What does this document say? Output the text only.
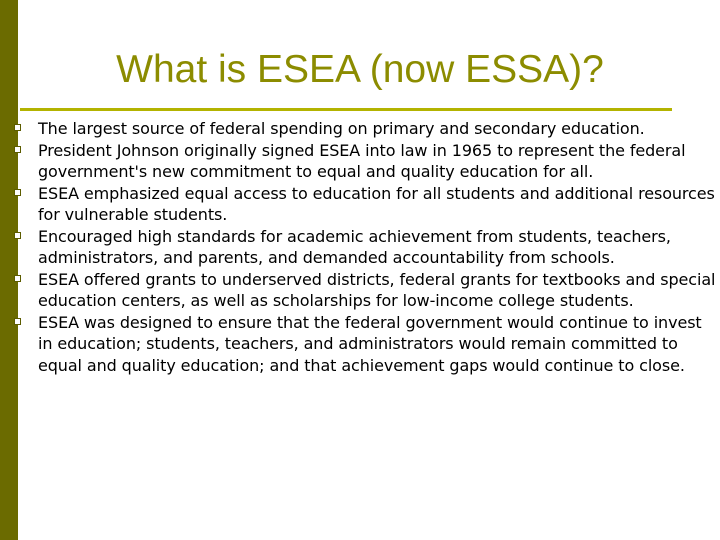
What is ESEA (now ESSA)?
The largest source of federal spending on primary and secondary education.
President Johnson originally signed ESEA into law in 1965 to represent the federal government's new commitment to equal and quality education for all.
ESEA emphasized equal access to education for all students and additional resources for vulnerable students.
Encouraged high standards for academic achievement from students, teachers, administrators, and parents, and demanded accountability from schools.
ESEA offered grants to underserved districts, federal grants for textbooks and special education centers, as well as scholarships for low-income college students.
ESEA was designed to ensure that the federal government would continue to invest in education; students, teachers, and administrators would remain committed to equal and quality education; and that achievement gaps would continue to close.
